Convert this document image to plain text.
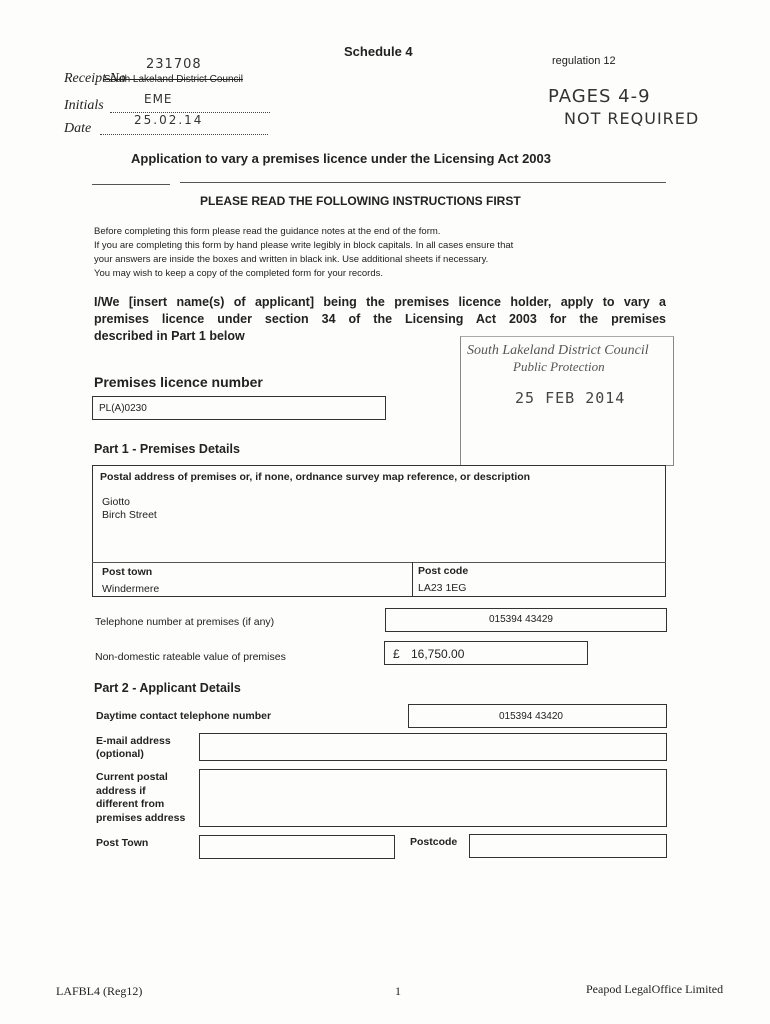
Schedule 4
regulation 12
231708
Receipt No
South Lakeland District Council
Initials	EME
Date
25.02.14
PAGES 4-9
NOT REQUIRED
Application to vary a premises licence under the Licensing Act 2003
PLEASE READ THE FOLLOWING INSTRUCTIONS FIRST
Before completing this form please read the guidance notes at the end of the form.
If you are completing this form by hand please write legibly in block capitals. In all cases ensure that
your answers are inside the boxes and written in black ink. Use additional sheets if necessary.
You may wish to keep a copy of the completed form for your records.
I/We [insert name(s) of applicant] being the premises licence holder, apply to vary a
premises licence under section 34 of the Licensing Act 2003 for the premises
described in Part 1 below
South Lakeland District Council
Public Protection
25 FEB 2014
Premises licence number
PL(A)0230
Part 1 - Premises Details
Postal address of premises or, if none, ordnance survey map reference, or description
Giotto
Birch Street
Post town
Windermere
Post code
LA23 1EG
Telephone number at premises (if any)	015394 43429
Non-domestic rateable value of premises	£ 16,750.00
Part 2 - Applicant Details
Daytime contact telephone number	015394 43420
E-mail address
(optional)
Current postal
address if
different from
premises address
Post Town	Postcode
LAFBL4 (Reg12)	1	Peapod LegalOffice Limited
